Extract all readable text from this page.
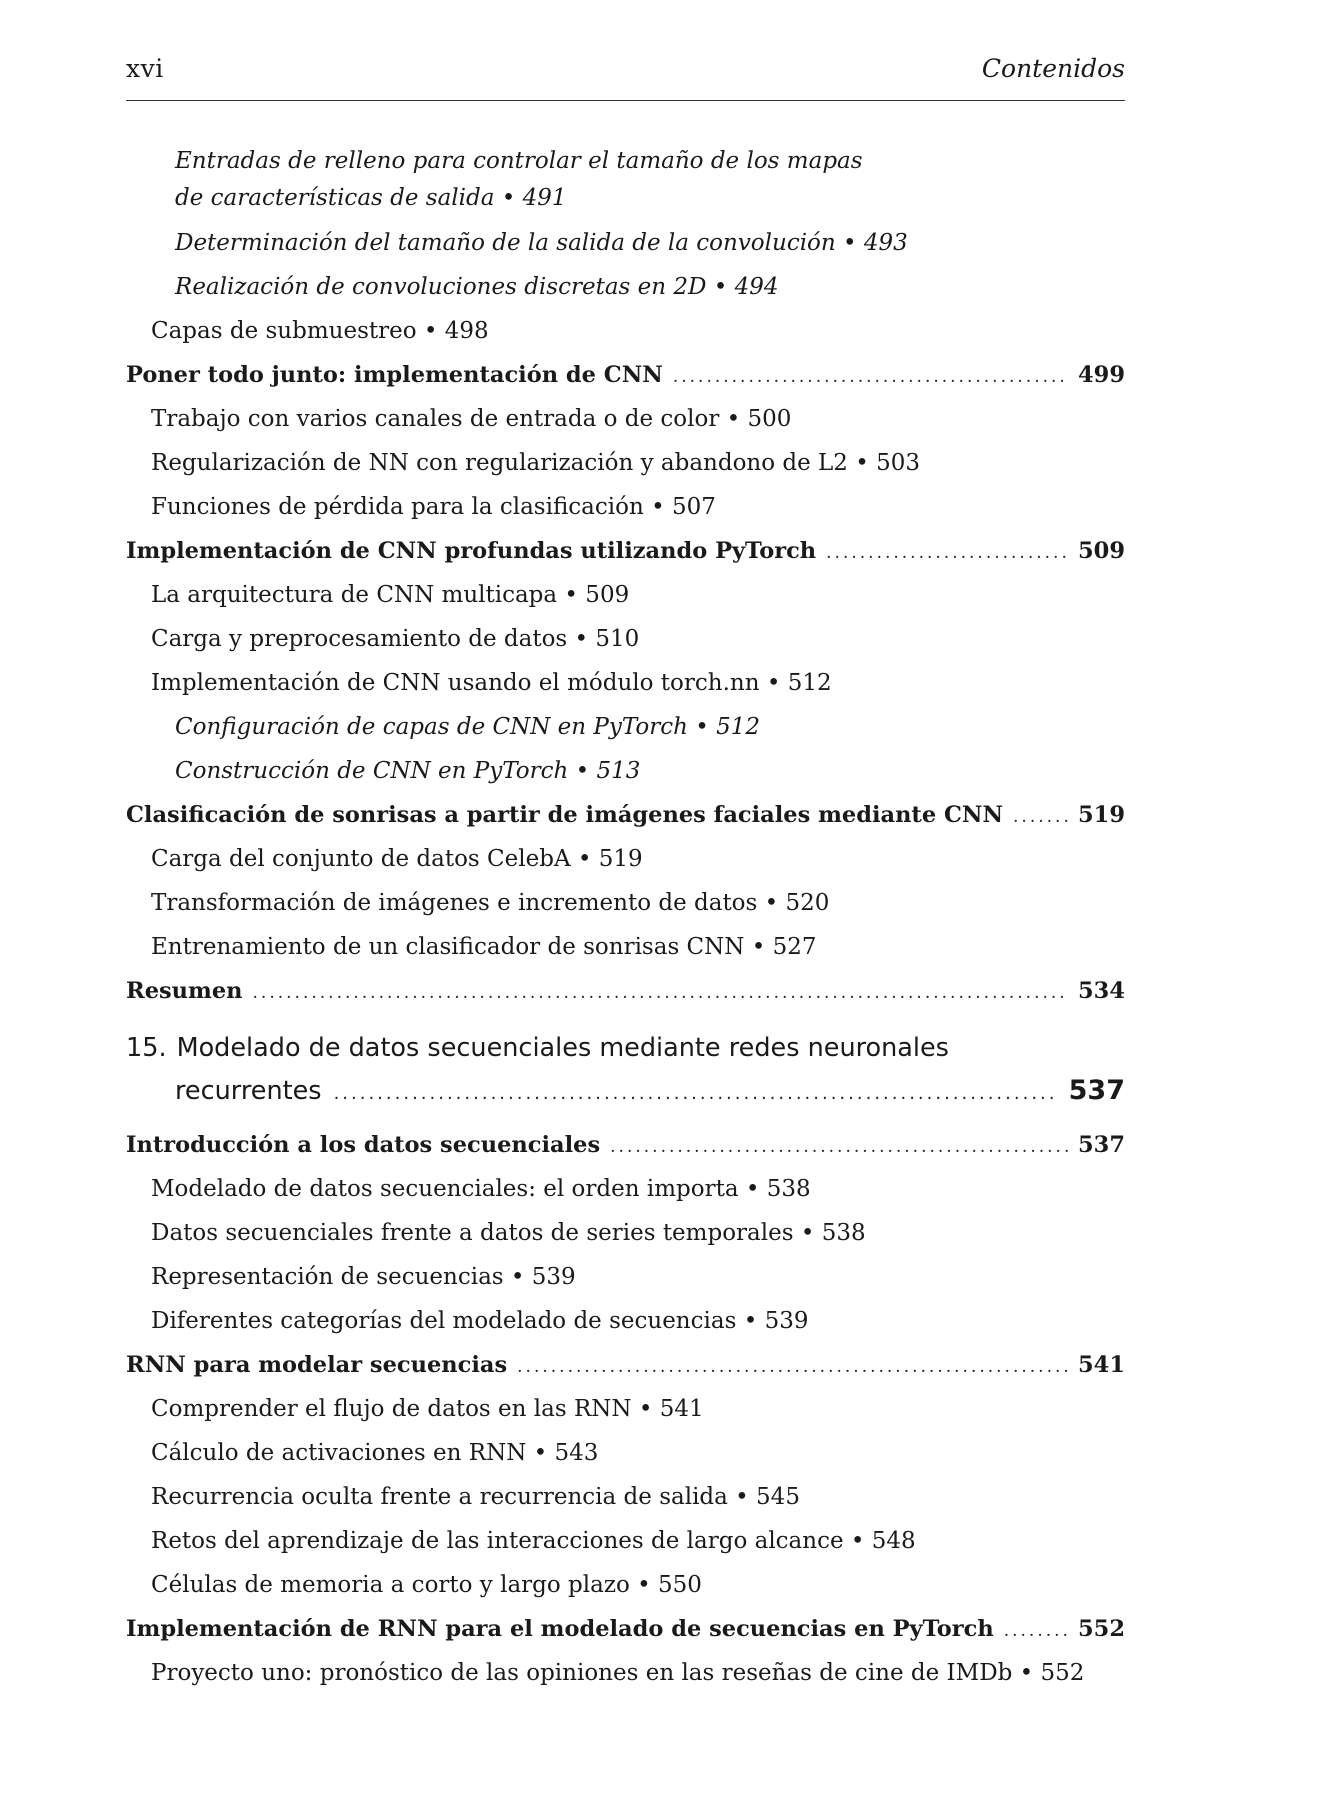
xvi	Contenidos
Entradas de relleno para controlar el tamaño de los mapas de características de salida • 491
Determinación del tamaño de la salida de la convolución • 493
Realización de convoluciones discretas en 2D • 494
Capas de submuestreo • 498
Poner todo junto: implementación de CNN .....	499
Trabajo con varios canales de entrada o de color • 500
Regularización de NN con regularización y abandono de L2 • 503
Funciones de pérdida para la clasificación • 507
Implementación de CNN profundas utilizando PyTorch .....	509
La arquitectura de CNN multicapa • 509
Carga y preprocesamiento de datos • 510
Implementación de CNN usando el módulo torch.nn • 512
Configuración de capas de CNN en PyTorch • 512
Construcción de CNN en PyTorch • 513
Clasificación de sonrisas a partir de imágenes faciales mediante CNN .....	519
Carga del conjunto de datos CelebA • 519
Transformación de imágenes e incremento de datos • 520
Entrenamiento de un clasificador de sonrisas CNN • 527
Resumen .....	534
15. Modelado de datos secuenciales mediante redes neuronales
recurrentes .....	537
Introducción a los datos secuenciales .....	537
Modelado de datos secuenciales: el orden importa • 538
Datos secuenciales frente a datos de series temporales • 538
Representación de secuencias • 539
Diferentes categorías del modelado de secuencias • 539
RNN para modelar secuencias .....	541
Comprender el flujo de datos en las RNN • 541
Cálculo de activaciones en RNN • 543
Recurrencia oculta frente a recurrencia de salida • 545
Retos del aprendizaje de las interacciones de largo alcance • 548
Células de memoria a corto y largo plazo • 550
Implementación de RNN para el modelado de secuencias en PyTorch .....	552
Proyecto uno: pronóstico de las opiniones en las reseñas de cine de IMDb • 552
